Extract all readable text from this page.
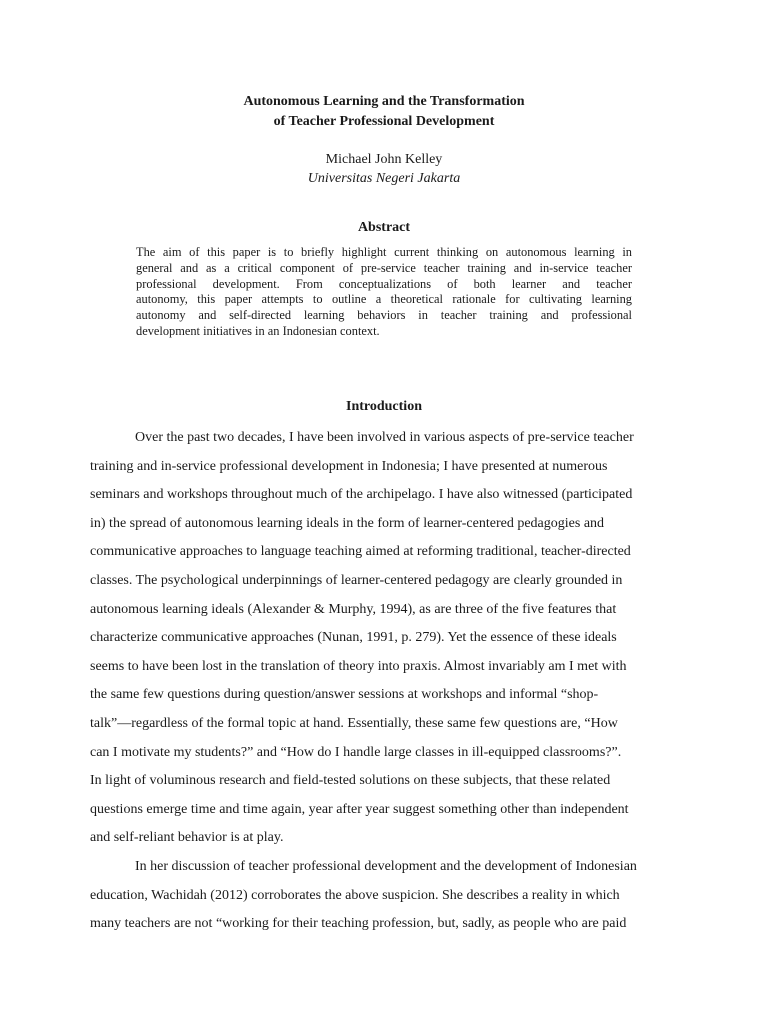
Autonomous Learning and the Transformation
of Teacher Professional Development
Michael John Kelley
Universitas Negeri Jakarta
Abstract
The aim of this paper is to briefly highlight current thinking on autonomous learning in
general and as a critical component of pre-service teacher training and in-service teacher
professional development. From conceptualizations of both learner and teacher
autonomy, this paper attempts to outline a theoretical rationale for cultivating learning
autonomy and self-directed learning behaviors in teacher training and professional
development initiatives in an Indonesian context.
Introduction
Over the past two decades, I have been involved in various aspects of pre-service teacher
training and in-service professional development in Indonesia; I have presented at numerous
seminars and workshops throughout much of the archipelago. I have also witnessed (participated
in) the spread of autonomous learning ideals in the form of learner-centered pedagogies and
communicative approaches to language teaching aimed at reforming traditional, teacher-directed
classes. The psychological underpinnings of learner-centered pedagogy are clearly grounded in
autonomous learning ideals (Alexander & Murphy, 1994), as are three of the five features that
characterize communicative approaches (Nunan, 1991, p. 279). Yet the essence of these ideals
seems to have been lost in the translation of theory into praxis. Almost invariably am I met with
the same few questions during question/answer sessions at workshops and informal “shop-
talk”—regardless of the formal topic at hand. Essentially, these same few questions are, “How
can I motivate my students?” and “How do I handle large classes in ill-equipped classrooms?”.
In light of voluminous research and field-tested solutions on these subjects, that these related
questions emerge time and time again, year after year suggest something other than independent
and self-reliant behavior is at play.
In her discussion of teacher professional development and the development of Indonesian
education, Wachidah (2012) corroborates the above suspicion. She describes a reality in which
many teachers are not “working for their teaching profession, but, sadly, as people who are paid
